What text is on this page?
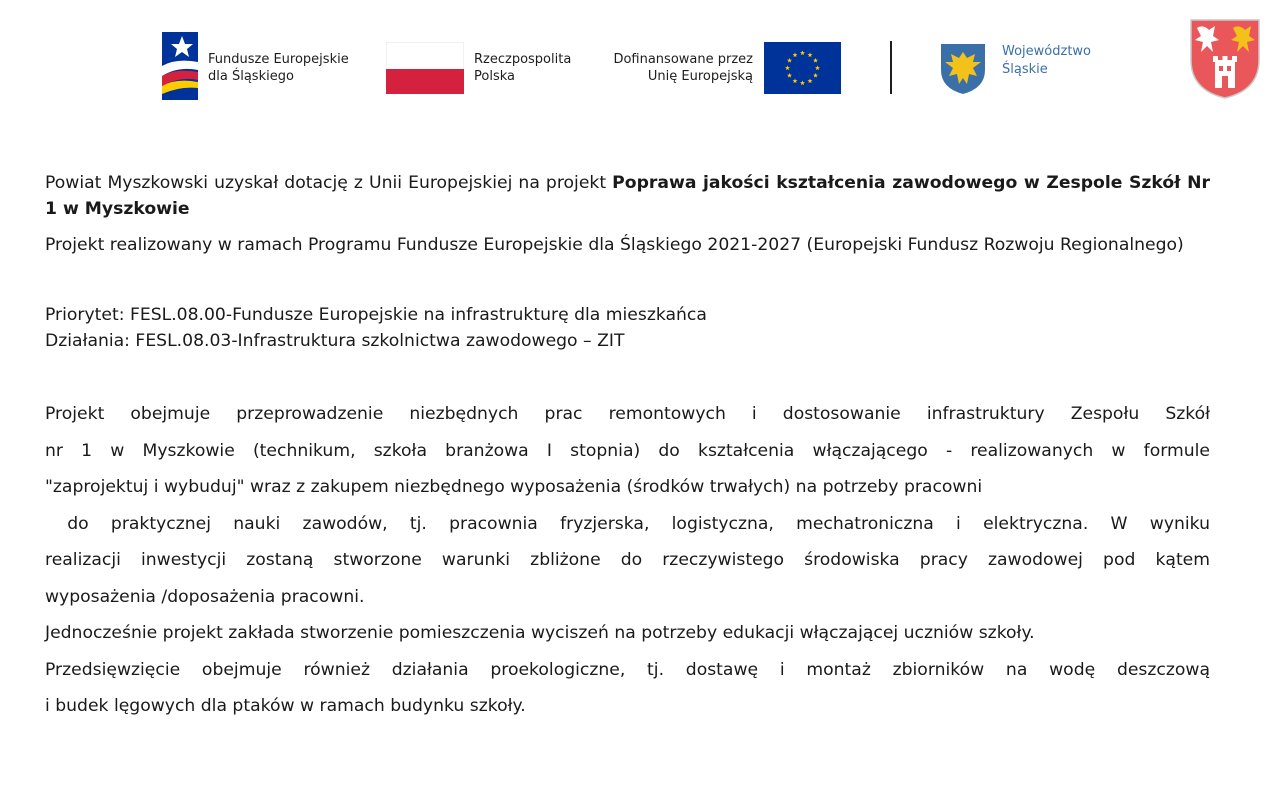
Fundusze Europejskie
dla Śląskiego
Rzeczpospolita
Polska
Dofinansowane przez
Unię Europejską
Województwo
Śląskie

Powiat Myszkowski uzyskał dotację z Unii Europejskiej na projekt Poprawa jakości kształcenia zawodowego w Zespole Szkół Nr 1 w Myszkowie

Projekt realizowany w ramach Programu Fundusze Europejskie dla Śląskiego 2021-2027 (Europejski Fundusz Rozwoju Regionalnego)

Priorytet: FESL.08.00-Fundusze Europejskie na infrastrukturę dla mieszkańca
Działania: FESL.08.03-Infrastruktura szkolnictwa zawodowego – ZIT

Projekt obejmuje przeprowadzenie niezbędnych prac remontowych i dostosowanie infrastruktury Zespołu Szkół
nr 1 w Myszkowie (technikum, szkoła branżowa I stopnia) do kształcenia włączającego - realizowanych w formule
"zaprojektuj i wybuduj" wraz z zakupem niezbędnego wyposażenia (środków trwałych) na potrzeby pracowni
do praktycznej nauki zawodów, tj. pracownia fryzjerska, logistyczna, mechatroniczna i elektryczna. W wyniku
realizacji inwestycji zostaną stworzone warunki zbliżone do rzeczywistego środowiska pracy zawodowej pod kątem
wyposażenia /doposażenia pracowni.
Jednocześnie projekt zakłada stworzenie pomieszczenia wyciszeń na potrzeby edukacji włączającej uczniów szkoły.
Przedsięwzięcie obejmuje również działania proekologiczne, tj. dostawę i montaż zbiorników na wodę deszczową
i budek lęgowych dla ptaków w ramach budynku szkoły.
